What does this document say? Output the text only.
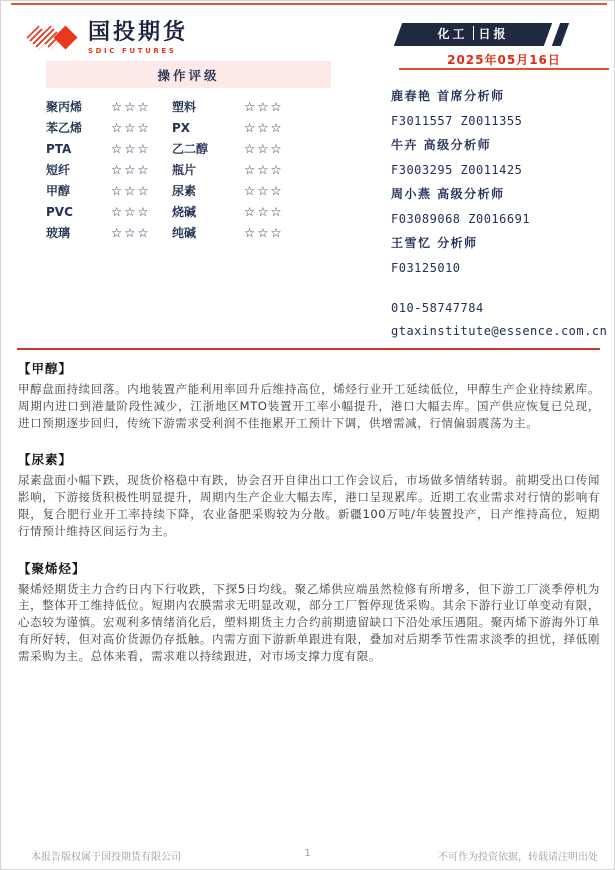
国投期货
SDIC FUTURES
化工 日报
2025年05月16日
操作评级
聚丙烯	☆☆☆	塑料	☆☆☆
苯乙烯	☆☆☆	PX	☆☆☆
PTA	☆☆☆	乙二醇	☆☆☆
短纤	☆☆☆	瓶片	☆☆☆
甲醇	☆☆☆	尿素	☆☆☆
PVC	☆☆☆	烧碱	☆☆☆
玻璃	☆☆☆	纯碱	☆☆☆
鹿春艳 首席分析师
F3011557 Z0011355
牛卉 高级分析师
F3003295 Z0011425
周小燕 高级分析师
F03089068 Z0016691
王雪忆 分析师
F03125010
010-58747784
gtaxinstitute@essence.com.cn
【甲醇】
甲醇盘面持续回落。内地装置产能利用率回升后维持高位，烯烃行业开工延续低位，甲醇生产企业持续累库。周期内进口到港量阶段性减少，江浙地区MTO装置开工率小幅提升，港口大幅去库。国产供应恢复已兑现，进口预期逐步回归，传统下游需求受利润不佳拖累开工预计下调，供增需减，行情偏弱震荡为主。
【尿素】
尿素盘面小幅下跌，现货价格稳中有跌，协会召开自律出口工作会议后，市场做多情绪转弱。前期受出口传闻影响，下游接货积极性明显提升，周期内生产企业大幅去库，港口呈现累库。近期工农业需求对行情的影响有限，复合肥行业开工率持续下降，农业备肥采购较为分散。新疆100万吨/年装置投产，日产维持高位，短期行情预计维持区间运行为主。
【聚烯烃】
聚烯烃期货主力合约日内下行收跌，下探5日均线。聚乙烯供应端虽然检修有所增多，但下游工厂淡季停机为主，整体开工维持低位。短期内农膜需求无明显改观，部分工厂暂停现货采购。其余下游行业订单变动有限，心态较为谨慎。宏观利多情绪消化后，塑料期货主力合约前期遗留缺口下沿处承压遇阻。聚丙烯下游海外订单有所好转，但对高价货源仍存抵触。内需方面下游新单跟进有限，叠加对后期季节性需求淡季的担忧，择低刚需采购为主。总体来看，需求难以持续跟进，对市场支撑力度有限。
本报告版权属于国投期货有限公司	1	不可作为投资依据，转载请注明出处
